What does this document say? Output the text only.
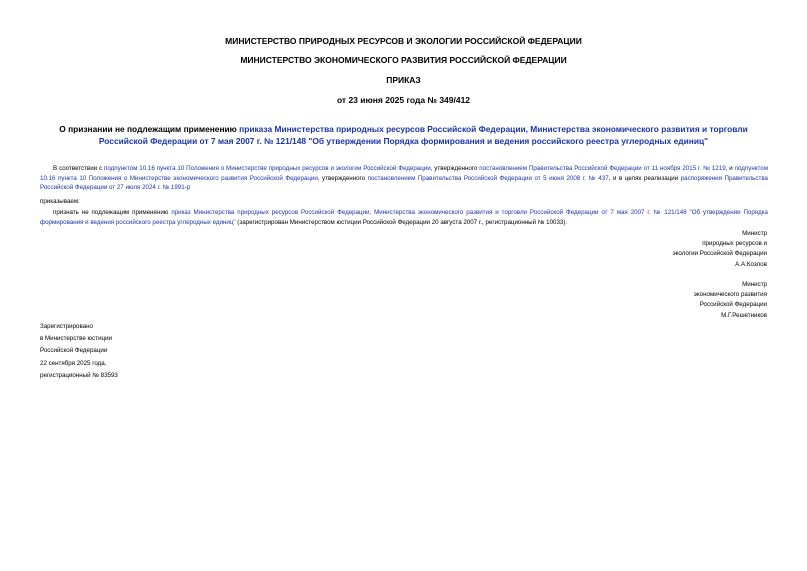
МИНИСТЕРСТВО ПРИРОДНЫХ РЕСУРСОВ И ЭКОЛОГИИ РОССИЙСКОЙ ФЕДЕРАЦИИ
МИНИСТЕРСТВО ЭКОНОМИЧЕСКОГО РАЗВИТИЯ РОССИЙСКОЙ ФЕДЕРАЦИИ
ПРИКАЗ
от 23 июня 2025 года № 349/412
О признании не подлежащим применению приказа Министерства природных ресурсов Российской Федерации, Министерства экономического развития и торговли Российской Федерации от 7 мая 2007 г. № 121/148 "Об утверждении Порядка формирования и ведения российского реестра углеродных единиц"
В соответствии с подпунктом 10.16 пункта 10 Положения о Министерстве природных ресурсов и экологии Российской Федерации, утвержденного постановлением Правительства Российской Федерации от 11 ноября 2015 г. № 1219, и подпунктом 10.16 пункта 10 Положения о Министерстве экономического развития Российской Федерации, утвержденного постановлением Правительства Российской Федерации от 5 июня 2008 г. № 437, и в целях реализации распоряжения Правительства Российской Федерации от 27 июля 2024 г. № 1991-р
приказываем:
признать не подлежащим применению приказ Министерства природных ресурсов Российской Федерации, Министерства экономического развития и торговли Российской Федерации от 7 мая 2007 г. № 121/148 "Об утверждении Порядка формирования и ведения российского реестра углеродных единиц" (зарегистрирован Министерством юстиции Российской Федерации 20 августа 2007 г., регистрационный № 10033).
Министр
природных ресурсов и
экологии Российской Федерации
А.А.Козлов
Министр
экономического развития
Российской Федерации
М.Г.Решетников
Зарегистрировано
в Министерстве юстиции
Российской Федерации
22 сентября 2025 года,
регистрационный № 83593
